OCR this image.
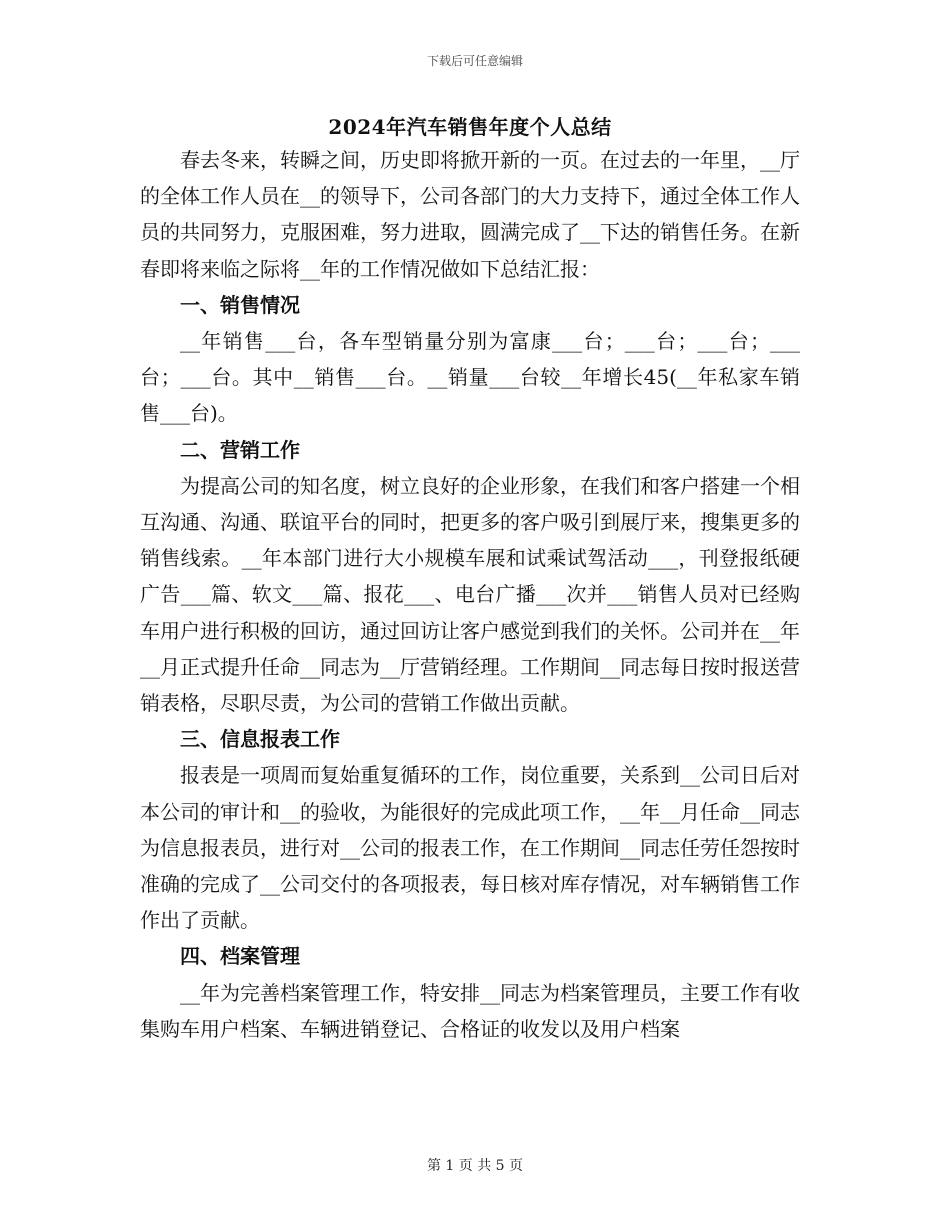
下载后可任意编辑
2024年汽车销售年度个人总结

春去冬来，转瞬之间，历史即将掀开新的一页。在过去的一年里，__厅的全体工作人员在__的领导下，公司各部门的大力支持下，通过全体工作人员的共同努力，克服困难，努力进取，圆满完成了__下达的销售任务。在新春即将来临之际将__年的工作情况做如下总结汇报：

一、销售情况

__年销售___台，各车型销量分别为富康___台；___台；___台；___台；___台。其中__销售___台。__销量___台较__年增长45(__年私家车销售___台)。

二、营销工作

为提高公司的知名度，树立良好的企业形象，在我们和客户搭建一个相互沟通、沟通、联谊平台的同时，把更多的客户吸引到展厅来，搜集更多的销售线索。__年本部门进行大小规模车展和试乘试驾活动___，刊登报纸硬广告___篇、软文___篇、报花___、电台广播___次并___销售人员对已经购车用户进行积极的回访，通过回访让客户感觉到我们的关怀。公司并在__年__月正式提升任命__同志为__厅营销经理。工作期间__同志每日按时报送营销表格，尽职尽责，为公司的营销工作做出贡献。

三、信息报表工作

报表是一项周而复始重复循环的工作，岗位重要，关系到__公司日后对本公司的审计和__的验收，为能很好的完成此项工作，__年__月任命__同志为信息报表员，进行对__公司的报表工作，在工作期间__同志任劳任怨按时准确的完成了__公司交付的各项报表，每日核对库存情况，对车辆销售工作作出了贡献。

四、档案管理

__年为完善档案管理工作，特安排__同志为档案管理员，主要工作有收集购车用户档案、车辆进销登记、合格证的收发以及用户档案

第 1 页 共 5 页
